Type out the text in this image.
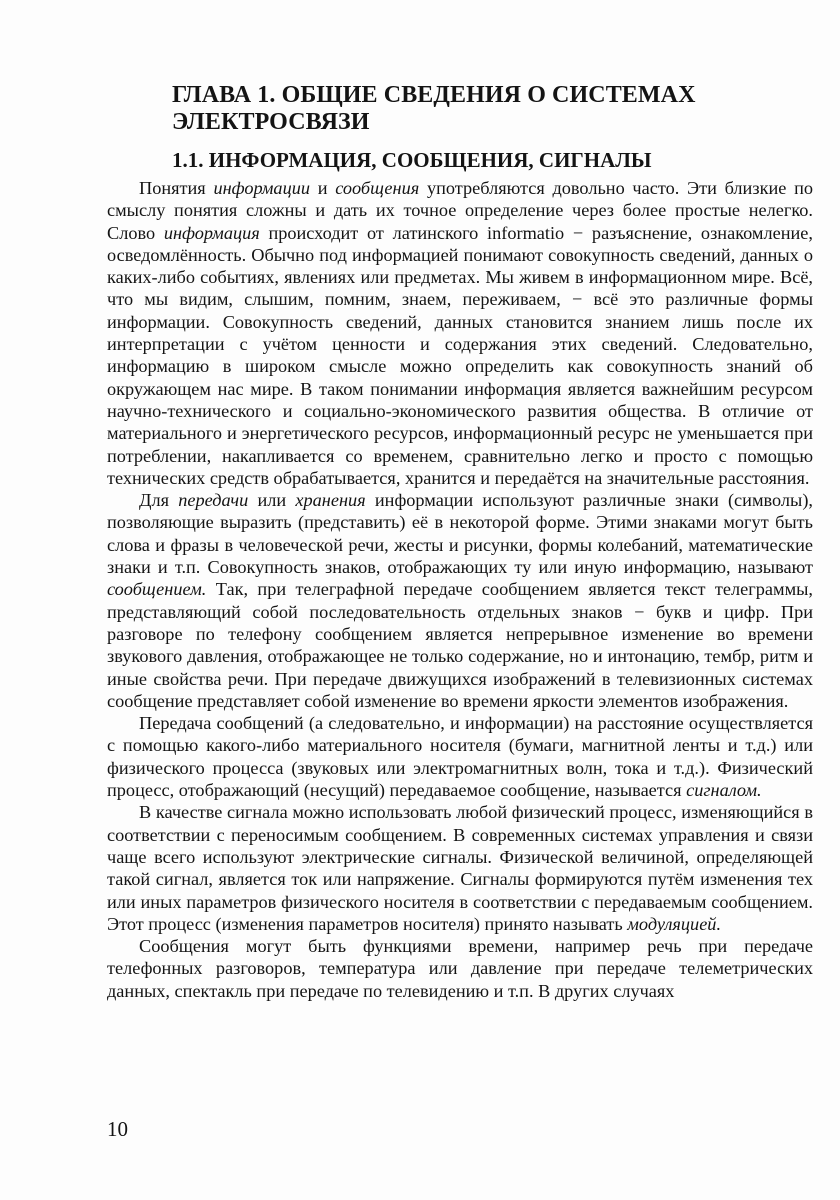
ГЛАВА 1. ОБЩИЕ СВЕДЕНИЯ О СИСТЕМАХ ЭЛЕКТРОСВЯЗИ
1.1. ИНФОРМАЦИЯ, СООБЩЕНИЯ, СИГНАЛЫ

Понятия информации и сообщения употребляются довольно часто. Эти близкие по смыслу понятия сложны и дать их точное определение через более простые нелегко. Слово информация происходит от латинского informatio − разъяснение, ознакомление, осведомлённость. Обычно под информацией понимают совокупность сведений, данных о каких-либо событиях, явлениях или предметах. Мы живем в информационном мире. Всё, что мы видим, слышим, помним, знаем, переживаем, − всё это различные формы информации. Совокупность сведений, данных становится знанием лишь после их интерпретации с учётом ценности и содержания этих сведений. Следовательно, информацию в широком смысле можно определить как совокупность знаний об окружающем нас мире. В таком понимании информация является важнейшим ресурсом научно-технического и социально-экономического развития общества. В отличие от материального и энергетического ресурсов, информационный ресурс не уменьшается при потреблении, накапливается со временем, сравнительно легко и просто с помощью технических средств обрабатывается, хранится и передаётся на значительные расстояния.

Для передачи или хранения информации используют различные знаки (символы), позволяющие выразить (представить) её в некоторой форме. Этими знаками могут быть слова и фразы в человеческой речи, жесты и рисунки, формы колебаний, математические знаки и т.п. Совокупность знаков, отображающих ту или иную информацию, называют сообщением. Так, при телеграфной передаче сообщением является текст телеграммы, представляющий собой последовательность отдельных знаков − букв и цифр. При разговоре по телефону сообщением является непрерывное изменение во времени звукового давления, отображающее не только содержание, но и интонацию, тембр, ритм и иные свойства речи. При передаче движущихся изображений в телевизионных системах сообщение представляет собой изменение во времени яркости элементов изображения.

Передача сообщений (а следовательно, и информации) на расстояние осуществляется с помощью какого-либо материального носителя (бумаги, магнитной ленты и т.д.) или физического процесса (звуковых или электромагнитных волн, тока и т.д.). Физический процесс, отображающий (несущий) передаваемое сообщение, называется сигналом.

В качестве сигнала можно использовать любой физический процесс, изменяющийся в соответствии с переносимым сообщением. В современных системах управления и связи чаще всего используют электрические сигналы. Физической величиной, определяющей такой сигнал, является ток или напряжение. Сигналы формируются путём изменения тех или иных параметров физического носителя в соответствии с передаваемым сообщением. Этот процесс (изменения параметров носителя) принято называть модуляцией.

Сообщения могут быть функциями времени, например речь при передаче телефонных разговоров, температура или давление при передаче телеметрических данных, спектакль при передаче по телевидению и т.п. В других случаях

10
